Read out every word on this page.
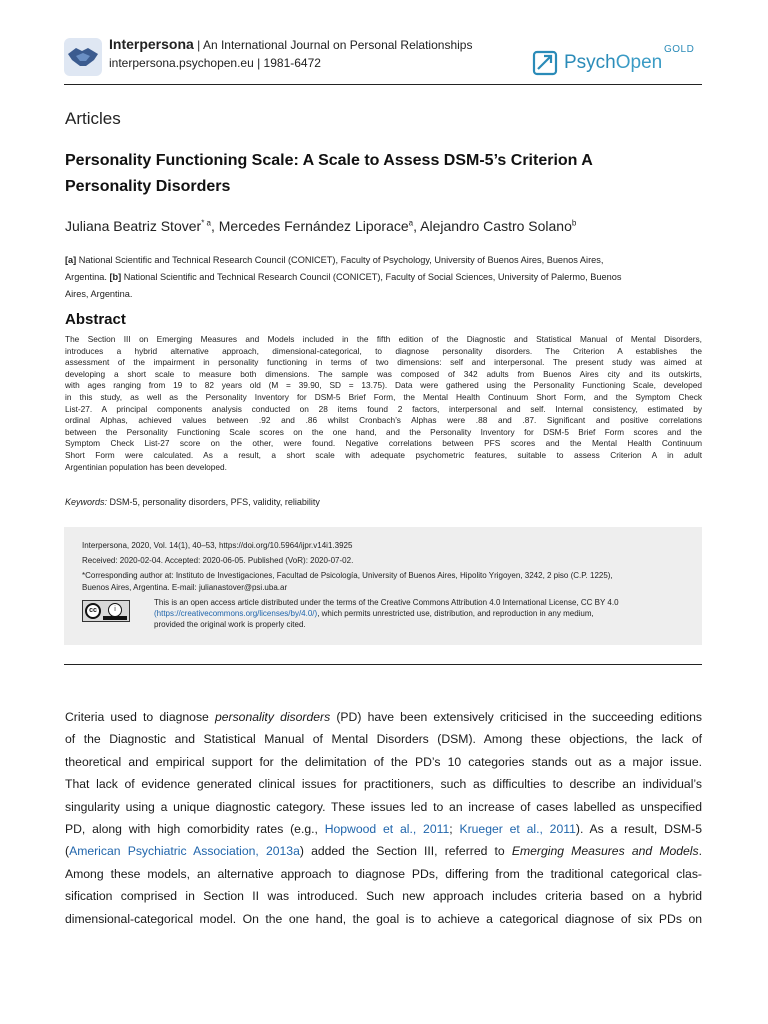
Interpersona | An International Journal on Personal Relationships
interpersona.psychopen.eu | 1981-6472	PsychOpen
GOLD
Articles
Personality Functioning Scale: A Scale to Assess DSM-5’s Criterion A
Personality Disorders
Juliana Beatriz Stover$^{* a}$, Mercedes Fernández Liporace$^a$, Alejandro Castro Solano$^b$
[a] National Scientific and Technical Research Council (CONICET), Faculty of Psychology, University of Buenos Aires, Buenos Aires,
Argentina. [b] National Scientific and Technical Research Council (CONICET), Faculty of Social Sciences, University of Palermo, Buenos
Aires, Argentina.
Abstract
The Section III on Emerging Measures and Models included in the fifth edition of the Diagnostic and Statistical Manual of Mental Disorders,
introduces a hybrid alternative approach, dimensional-categorical, to diagnose personality disorders. The Criterion A establishes the
assessment of the impairment in personality functioning in terms of two dimensions: self and interpersonal. The present study was aimed at
developing a short scale to measure both dimensions. The sample was composed of 342 adults from Buenos Aires city and its outskirts,
with ages ranging from 19 to 82 years old (M = 39.90, SD = 13.75). Data were gathered using the Personality Functioning Scale, developed
in this study, as well as the Personality Inventory for DSM-5 Brief Form, the Mental Health Continuum Short Form, and the Symptom Check
List-27. A principal components analysis conducted on 28 items found 2 factors, interpersonal and self. Internal consistency, estimated by
ordinal Alphas, achieved values between .92 and .86 whilst Cronbach’s Alphas were .88 and .87. Significant and positive correlations
between the Personality Functioning Scale scores on the one hand, and the Personality Inventory for DSM-5 Brief Form scores and the
Symptom Check List-27 score on the other, were found. Negative correlations between PFS scores and the Mental Health Continuum
Short Form were calculated. As a result, a short scale with adequate psychometric features, suitable to assess Criterion A in adult
Argentinian population has been developed.
Keywords: DSM-5, personality disorders, PFS, validity, reliability
Interpersona, 2020, Vol. 14(1), 40–53, https://doi.org/10.5964/ijpr.v14i1.3925
Received: 2020-02-04. Accepted: 2020-06-05. Published (VoR): 2020-07-02.
*Corresponding author at: Instituto de Investigaciones, Facultad de Psicología, University of Buenos Aires, Hipolito Yrigoyen, 3242, 2 piso (C.P. 1225),
Buenos Aires, Argentina. E-mail: julianastover@psi.uba.ar
cc	i
This is an open access article distributed under the terms of the Creative Commons Attribution 4.0 International License, CC BY 4.0
(https://creativecommons.org/licenses/by/4.0/), which permits unrestricted use, distribution, and reproduction in any medium,
provided the original work is properly cited.
Criteria used to diagnose personality disorders (PD) have been extensively criticised in the succeeding editions
of the Diagnostic and Statistical Manual of Mental Disorders (DSM). Among these objections, the lack of
theoretical and empirical support for the delimitation of the PD’s 10 categories stands out as a major issue.
That lack of evidence generated clinical issues for practitioners, such as difficulties to describe an individual’s
singularity using a unique diagnostic category. These issues led to an increase of cases labelled as unspecified
PD, along with high comorbidity rates (e.g., Hopwood et al., 2011; Krueger et al., 2011). As a result, DSM-5
(American Psychiatric Association, 2013a) added the Section III, referred to Emerging Measures and Models.
Among these models, an alternative approach to diagnose PDs, differing from the traditional categorical clas-
sification comprised in Section II was introduced. Such new approach includes criteria based on a hybrid
dimensional-categorical model. On the one hand, the goal is to achieve a categorical diagnose of six PDs on
